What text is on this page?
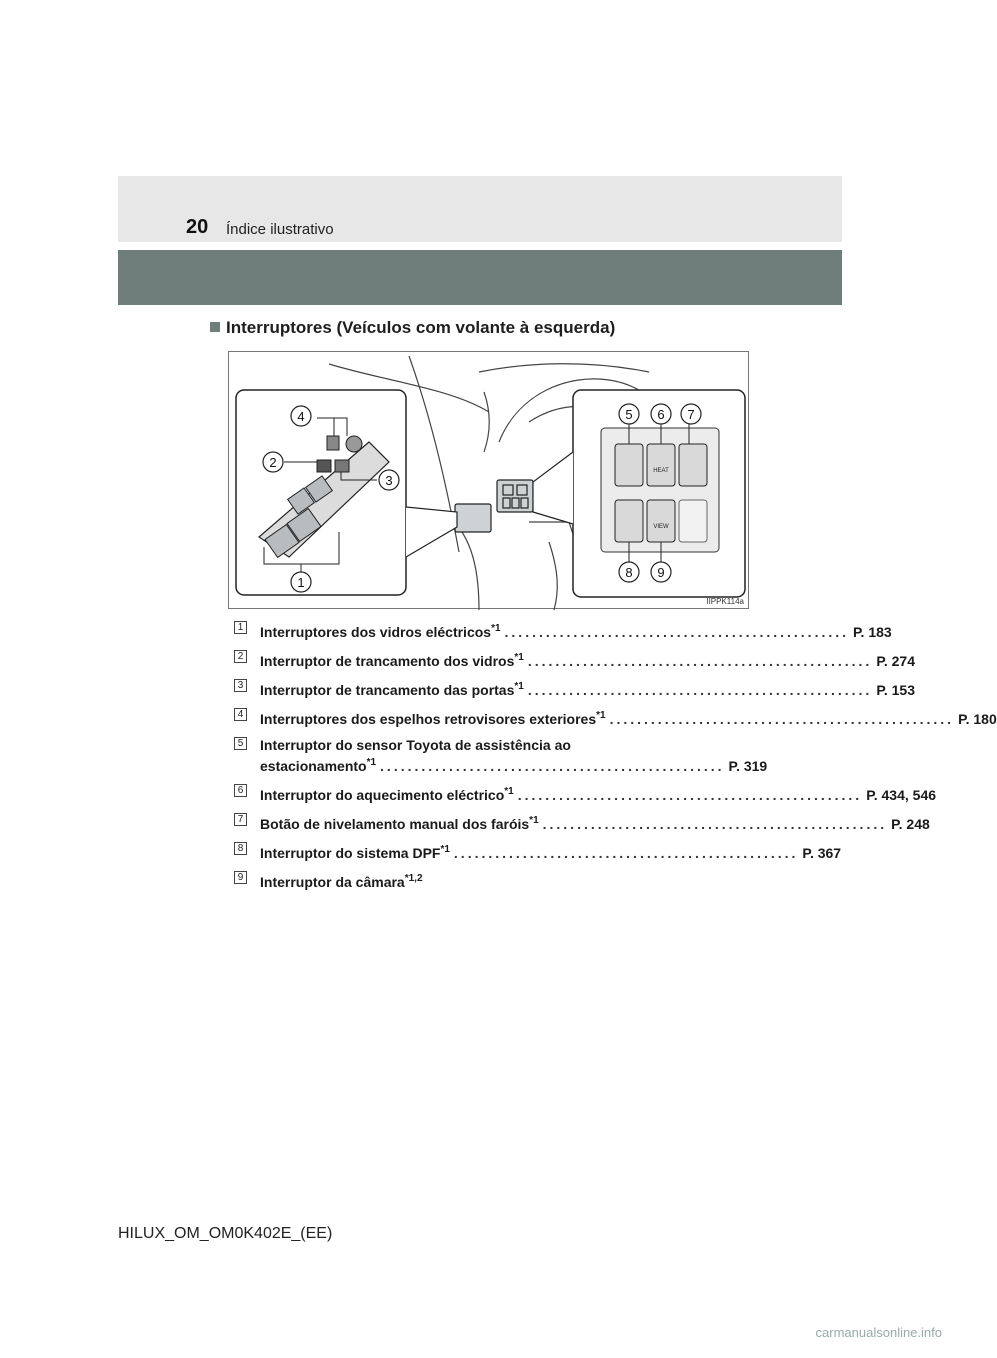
20 Índice ilustrativo
Interruptores (Veículos com volante à esquerda)
HEAT
VIEW
4
2
3
1
5 6 7
8 9
IIPPK114a
1 Interruptores dos vidros eléctricos$^{*1}$ .................................................. P. 183
2 Interruptor de trancamento dos vidros$^{*1}$ .................................................. P. 274
3 Interruptor de trancamento das portas$^{*1}$ .................................................. P. 153
4 Interruptores dos espelhos retrovisores exteriores$^{*1}$ .................................................. P. 180
5 Interruptor do sensor Toyota de assistência ao
estacionamento$^{*1}$ .................................................. P. 319
6 Interruptor do aquecimento eléctrico$^{*1}$ .................................................. P. 434, 546
7 Botão de nivelamento manual dos faróis$^{*1}$ .................................................. P. 248
8 Interruptor do sistema DPF$^{*1}$ .................................................. P. 367
9 Interruptor da câmara$^{*1,2}$
HILUX_OM_OM0K402E_(EE)
carmanualsonline.info
